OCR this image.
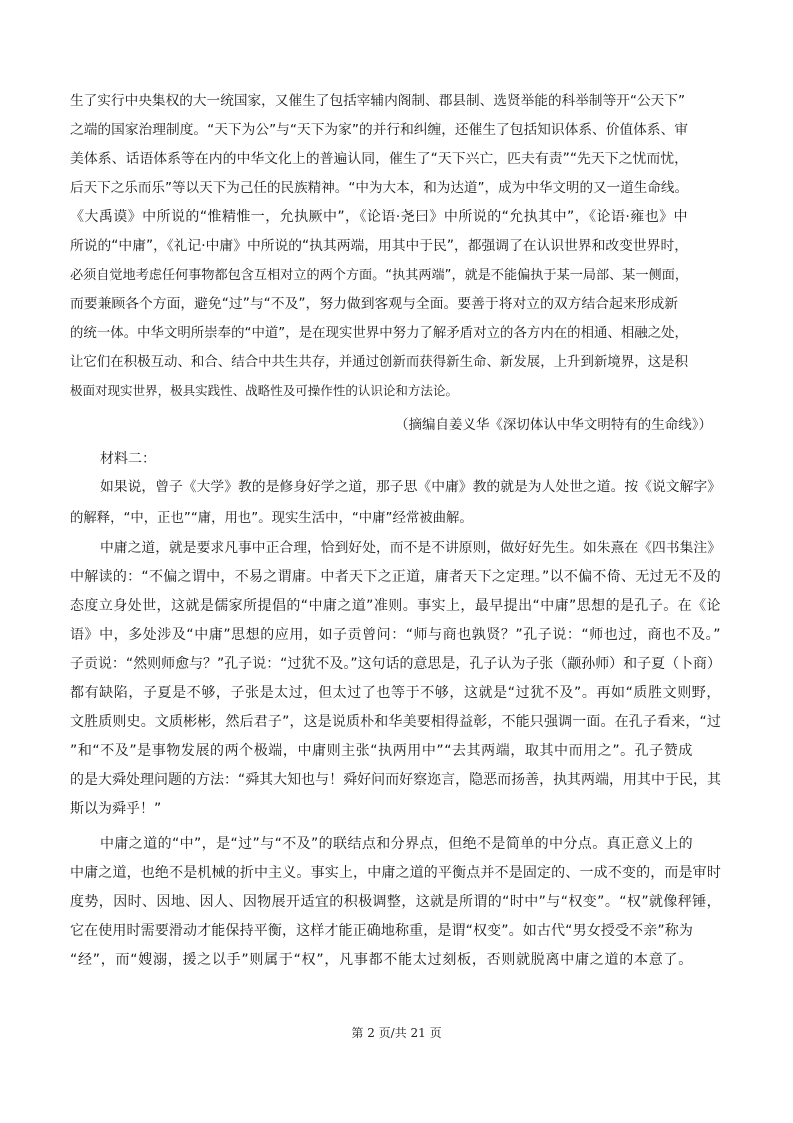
生了实行中央集权的大一统国家，又催生了包括宰辅内阁制、郡县制、选贤举能的科举制等开“公天下”
之端的国家治理制度。“天下为公”与“天下为家”的并行和纠缠，还催生了包括知识体系、价值体系、审
美体系、话语体系等在内的中华文化上的普遍认同，催生了“天下兴亡，匹夫有责”“先天下之忧而忧，
后天下之乐而乐”等以天下为己任的民族精神。“中为大本，和为达道”，成为中华文明的又一道生命线。
《大禹谟》中所说的“惟精惟一，允执厥中”，《论语·尧曰》中所说的“允执其中”，《论语·雍也》中
所说的“中庸”，《礼记·中庸》中所说的“执其两端，用其中于民”，都强调了在认识世界和改变世界时，
必须自觉地考虑任何事物都包含互相对立的两个方面。“执其两端”，就是不能偏执于某一局部、某一侧面，
而要兼顾各个方面，避免“过”与“不及”，努力做到客观与全面。要善于将对立的双方结合起来形成新
的统一体。中华文明所崇奉的“中道”，是在现实世界中努力了解矛盾对立的各方内在的相通、相融之处，
让它们在积极互动、和合、结合中共生共存，并通过创新而获得新生命、新发展，上升到新境界，这是积
极面对现实世界，极具实践性、战略性及可操作性的认识论和方法论。
（摘编自姜义华《深切体认中华文明特有的生命线》）
材料二：
如果说，曾子《大学》教的是修身好学之道，那子思《中庸》教的就是为人处世之道。按《说文解字》
的解释，“中，正也”“庸，用也”。现实生活中，“中庸”经常被曲解。
中庸之道，就是要求凡事中正合理，恰到好处，而不是不讲原则，做好好先生。如朱熹在《四书集注》
中解读的：“不偏之谓中，不易之谓庸。中者天下之正道，庸者天下之定理。”以不偏不倚、无过无不及的
态度立身处世，这就是儒家所提倡的“中庸之道”准则。事实上，最早提出“中庸”思想的是孔子。在《论
语》中，多处涉及“中庸”思想的应用，如子贡曾问：“师与商也孰贤？”孔子说：“师也过，商也不及。”
子贡说：“然则师愈与？”孔子说：“过犹不及。”这句话的意思是，孔子认为子张（颛孙师）和子夏（卜商）
都有缺陷，子夏是不够，子张是太过，但太过了也等于不够，这就是“过犹不及”。再如“质胜文则野，
文胜质则史。文质彬彬，然后君子”，这是说质朴和华美要相得益彰，不能只强调一面。在孔子看来，“过
”和“不及”是事物发展的两个极端，中庸则主张“执两用中”“去其两端，取其中而用之”。孔子赞成
的是大舜处理问题的方法：“舜其大知也与！舜好问而好察迩言，隐恶而扬善，执其两端，用其中于民，其
斯以为舜乎！”
中庸之道的“中”，是“过”与“不及”的联结点和分界点，但绝不是简单的中分点。真正意义上的
中庸之道，也绝不是机械的折中主义。事实上，中庸之道的平衡点并不是固定的、一成不变的，而是审时
度势，因时、因地、因人、因物展开适宜的积极调整，这就是所谓的“时中”与“权变”。“权”就像秤锤，
它在使用时需要滑动才能保持平衡，这样才能正确地称重，是谓“权变”。如古代“男女授受不亲”称为
“经”，而“嫂溺，援之以手”则属于“权”，凡事都不能太过刻板，否则就脱离中庸之道的本意了。
第 2 页/共 21 页
